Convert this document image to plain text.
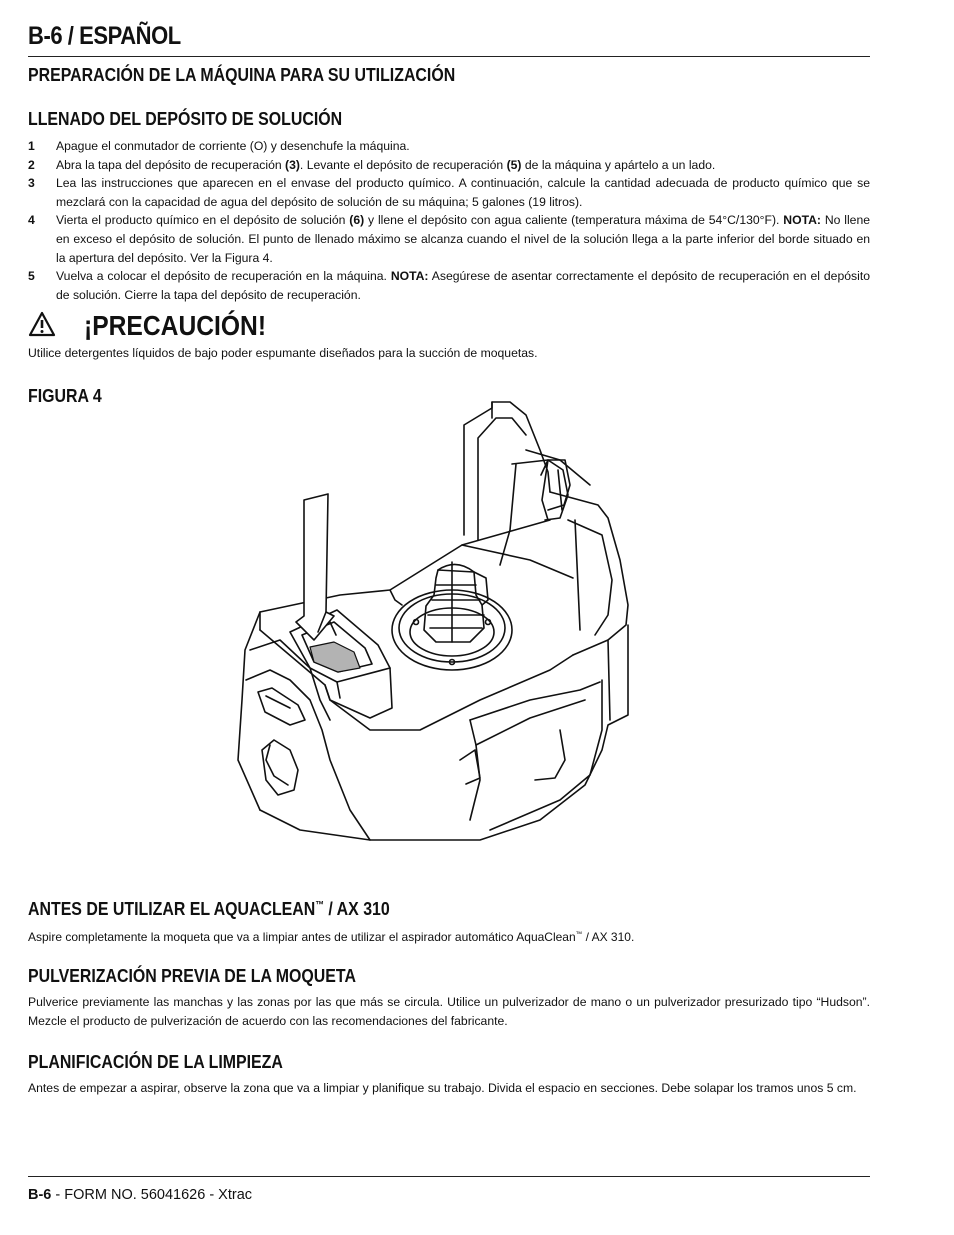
B-6 / ESPAÑOL
PREPARACIÓN DE LA MÁQUINA PARA SU UTILIZACIÓN
LLENADO DEL DEPÓSITO DE SOLUCIÓN
1	Apague el conmutador de corriente (O) y desenchufe la máquina.
2	Abra la tapa del depósito de recuperación (3). Levante el depósito de recuperación (5) de la máquina y apártelo a un lado.
3	Lea las instrucciones que aparecen en el envase del producto químico. A continuación, calcule la cantidad adecuada de producto químico que se mezclará con la capacidad de agua del depósito de solución de su máquina; 5 galones (19 litros).
4	Vierta el producto químico en el depósito de solución (6) y llene el depósito con agua caliente (temperatura máxima de 54°C/130°F). NOTA: No llene en exceso el depósito de solución. El punto de llenado máximo se alcanza cuando el nivel de la solución llega a la parte inferior del borde situado en la apertura del depósito. Ver la Figura 4.
5	Vuelva a colocar el depósito de recuperación en la máquina. NOTA: Asegúrese de asentar correctamente el depósito de recuperación en el depósito de solución. Cierre la tapa del depósito de recuperación.
¡PRECAUCIÓN!
Utilice detergentes líquidos de bajo poder espumante diseñados para la succión de moquetas.
FIGURA 4
ANTES DE UTILIZAR EL AQUACLEAN™ / AX 310
Aspire completamente la moqueta que va a limpiar antes de utilizar el aspirador automático AquaClean™ / AX 310.
PULVERIZACIÓN PREVIA DE LA MOQUETA
Pulverice previamente las manchas y las zonas por las que más se circula. Utilice un pulverizador de mano o un pulverizador presurizado tipo “Hudson”. Mezcle el producto de pulverización de acuerdo con las recomendaciones del fabricante.
PLANIFICACIÓN DE LA LIMPIEZA
Antes de empezar a aspirar, observe la zona que va a limpiar y planifique su trabajo. Divida el espacio en secciones. Debe solapar los tramos unos 5 cm.
B-6 - FORM NO. 56041626 - Xtrac
